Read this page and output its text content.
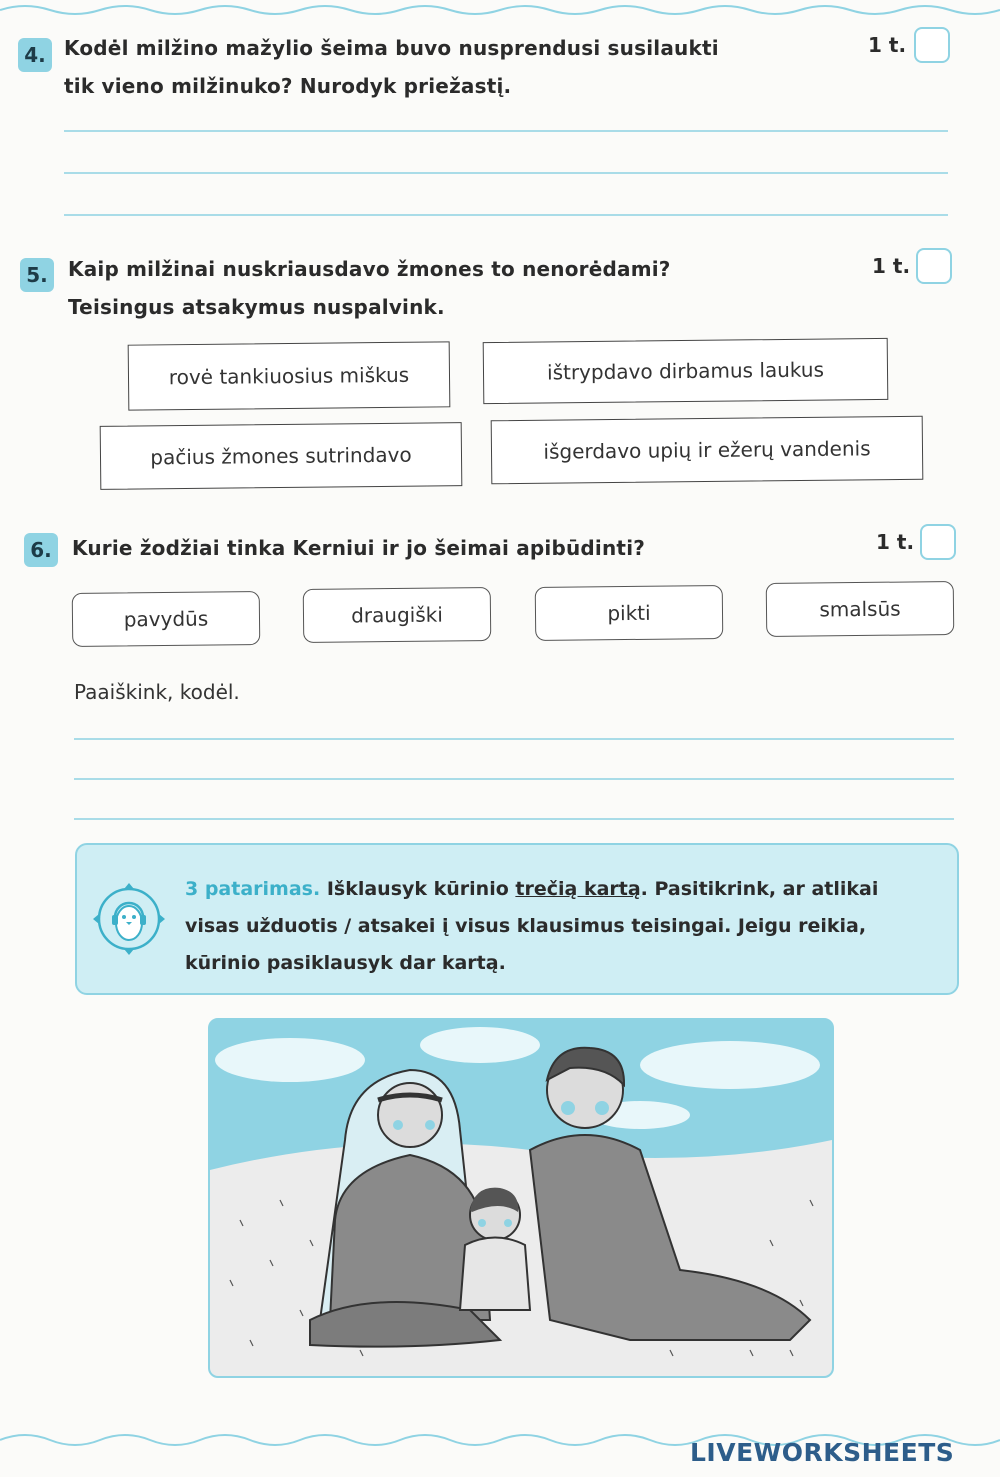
4. Kodėl milžino mažylio šeima buvo nusprendusi susilaukti
tik vieno milžinuko? Nurodyk priežastį.
1 t.
5.	Kaip milžinai nuskriausdavo žmones to nenorėdami?
Teisingus atsakymus nuspalvink.
1 t.
rovė tankiuosius miškus	ištrypdavo dirbamus laukus
pačius žmones sutrindavo	išgerdavo upių ir ežerų vandenis
6.	Kurie žodžiai tinka Kerniui ir jo šeimai apibūdinti?	1 t.
pavydūs	draugiški	pikti	smalsūs
Paaiškink, kodėl.
3 patarimas. Išklausyk kūrinio trečią kartą. Pasitikrink, ar atlikai
visas užduotis / atsakei į visus klausimus teisingai. Jeigu reikia,
kūrinio pasiklausyk dar kartą.
LIVEWORKSHEETS
